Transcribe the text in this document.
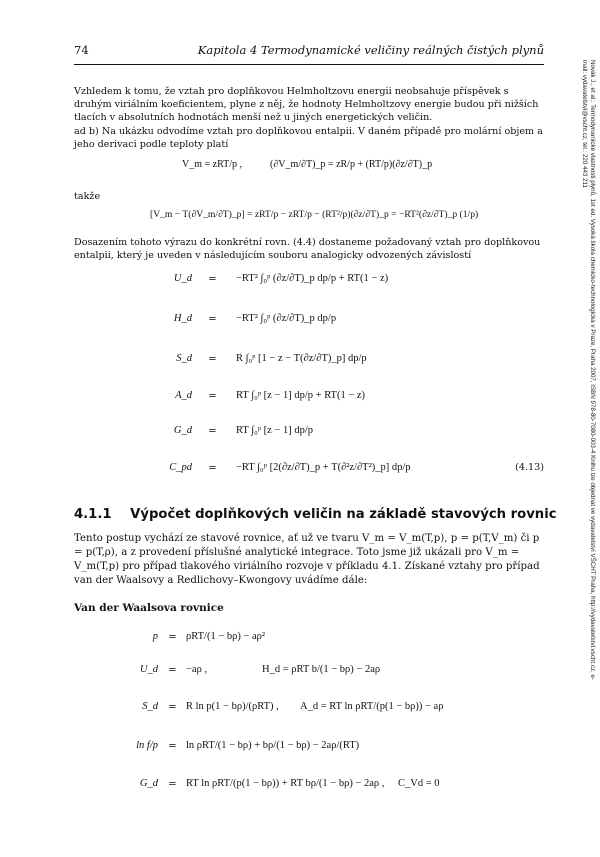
74	Kapitola 4 Termodynamické veličiny reálných čistých plynů
Novák J., et al.: Termodynamické vlastnosti plynů, 1st ed. Vysoká škola chemicko-technologická v Praze, Praha 2007, ISBN 978-80-7080-003-4 Knihu lze objednat ve vydavatelství VŠCHT Praha, http://vydavatelstvi.vscht.cz, e-mail: vydavatelstvi@vscht.cz, tel.: 220 443 211
Vzhledem k tomu, že vztah pro doplňkovou Helmholtzovu energii neobsahuje příspěvek s druhým viriálním koeficientem, plyne z něj, že hodnoty Helmholtzovy energie budou při nižších tlacích v absolutních hodnotách menší než u jiných energetických veličin.
ad b) Na ukázku odvodíme vztah pro doplňkovou entalpii. V daném případě pro molární objem a jeho derivaci podle teploty platí
V_m = zRT/p ,	(∂V_m/∂T)_p = zR/p + (RT/p)(∂z/∂T)_p
takže
[V_m − T(∂V_m/∂T)_p] = zRT/p − zRT/p − (RT²/p)(∂z/∂T)_p = −RT²(∂z/∂T)_p (1/p)
Dosazením tohoto výrazu do konkrétní rovn. (4.4) dostaneme požadovaný vztah pro doplňkovou entalpii, který je uveden v následujícím souboru analogicky odvozených závislostí
U_d = −RT² ∫₀ᵖ (∂z/∂T)_p dp/p + RT(1 − z)
H_d = −RT² ∫₀ᵖ (∂z/∂T)_p dp/p
S_d = R ∫₀ᵖ [1 − z − T(∂z/∂T)_p] dp/p
A_d = RT ∫₀ᵖ [z − 1] dp/p + RT(1 − z)
G_d = RT ∫₀ᵖ [z − 1] dp/p
C_pd = −RT ∫₀ᵖ [2(∂z/∂T)_p + T(∂²z/∂T²)_p] dp/p	(4.13)
4.1.1 Výpočet doplňkových veličin na základě stavových rovnic
Tento postup vychází ze stavové rovnice, ať už ve tvaru V_m = V_m(T,p), p = p(T,V_m) či p = p(T,ρ), a z provedení příslušné analytické integrace. Toto jsme již ukázali pro V_m = V_m(T,p) pro případ tlakového viriálního rozvoje v příkladu 4.1. Získané vztahy pro případ van der Waalsovy a Redlichovy–Kwongovy uvádíme dále:
Van der Waalsova rovnice
p = ρRT/(1 − bρ) − aρ²
U_d = −aρ ,	H_d = ρRT b/(1 − bρ) − 2aρ
S_d = R ln p(1 − bρ)/(ρRT) , A_d = RT ln ρRT/(p(1 − bρ)) − aρ
ln f/p = ln ρRT/(1 − bρ) + bρ/(1 − bρ) − 2aρ/(RT)
G_d = RT ln ρRT/(p(1 − bρ)) + RT bρ/(1 − bρ) − 2aρ , C_Vd = 0
